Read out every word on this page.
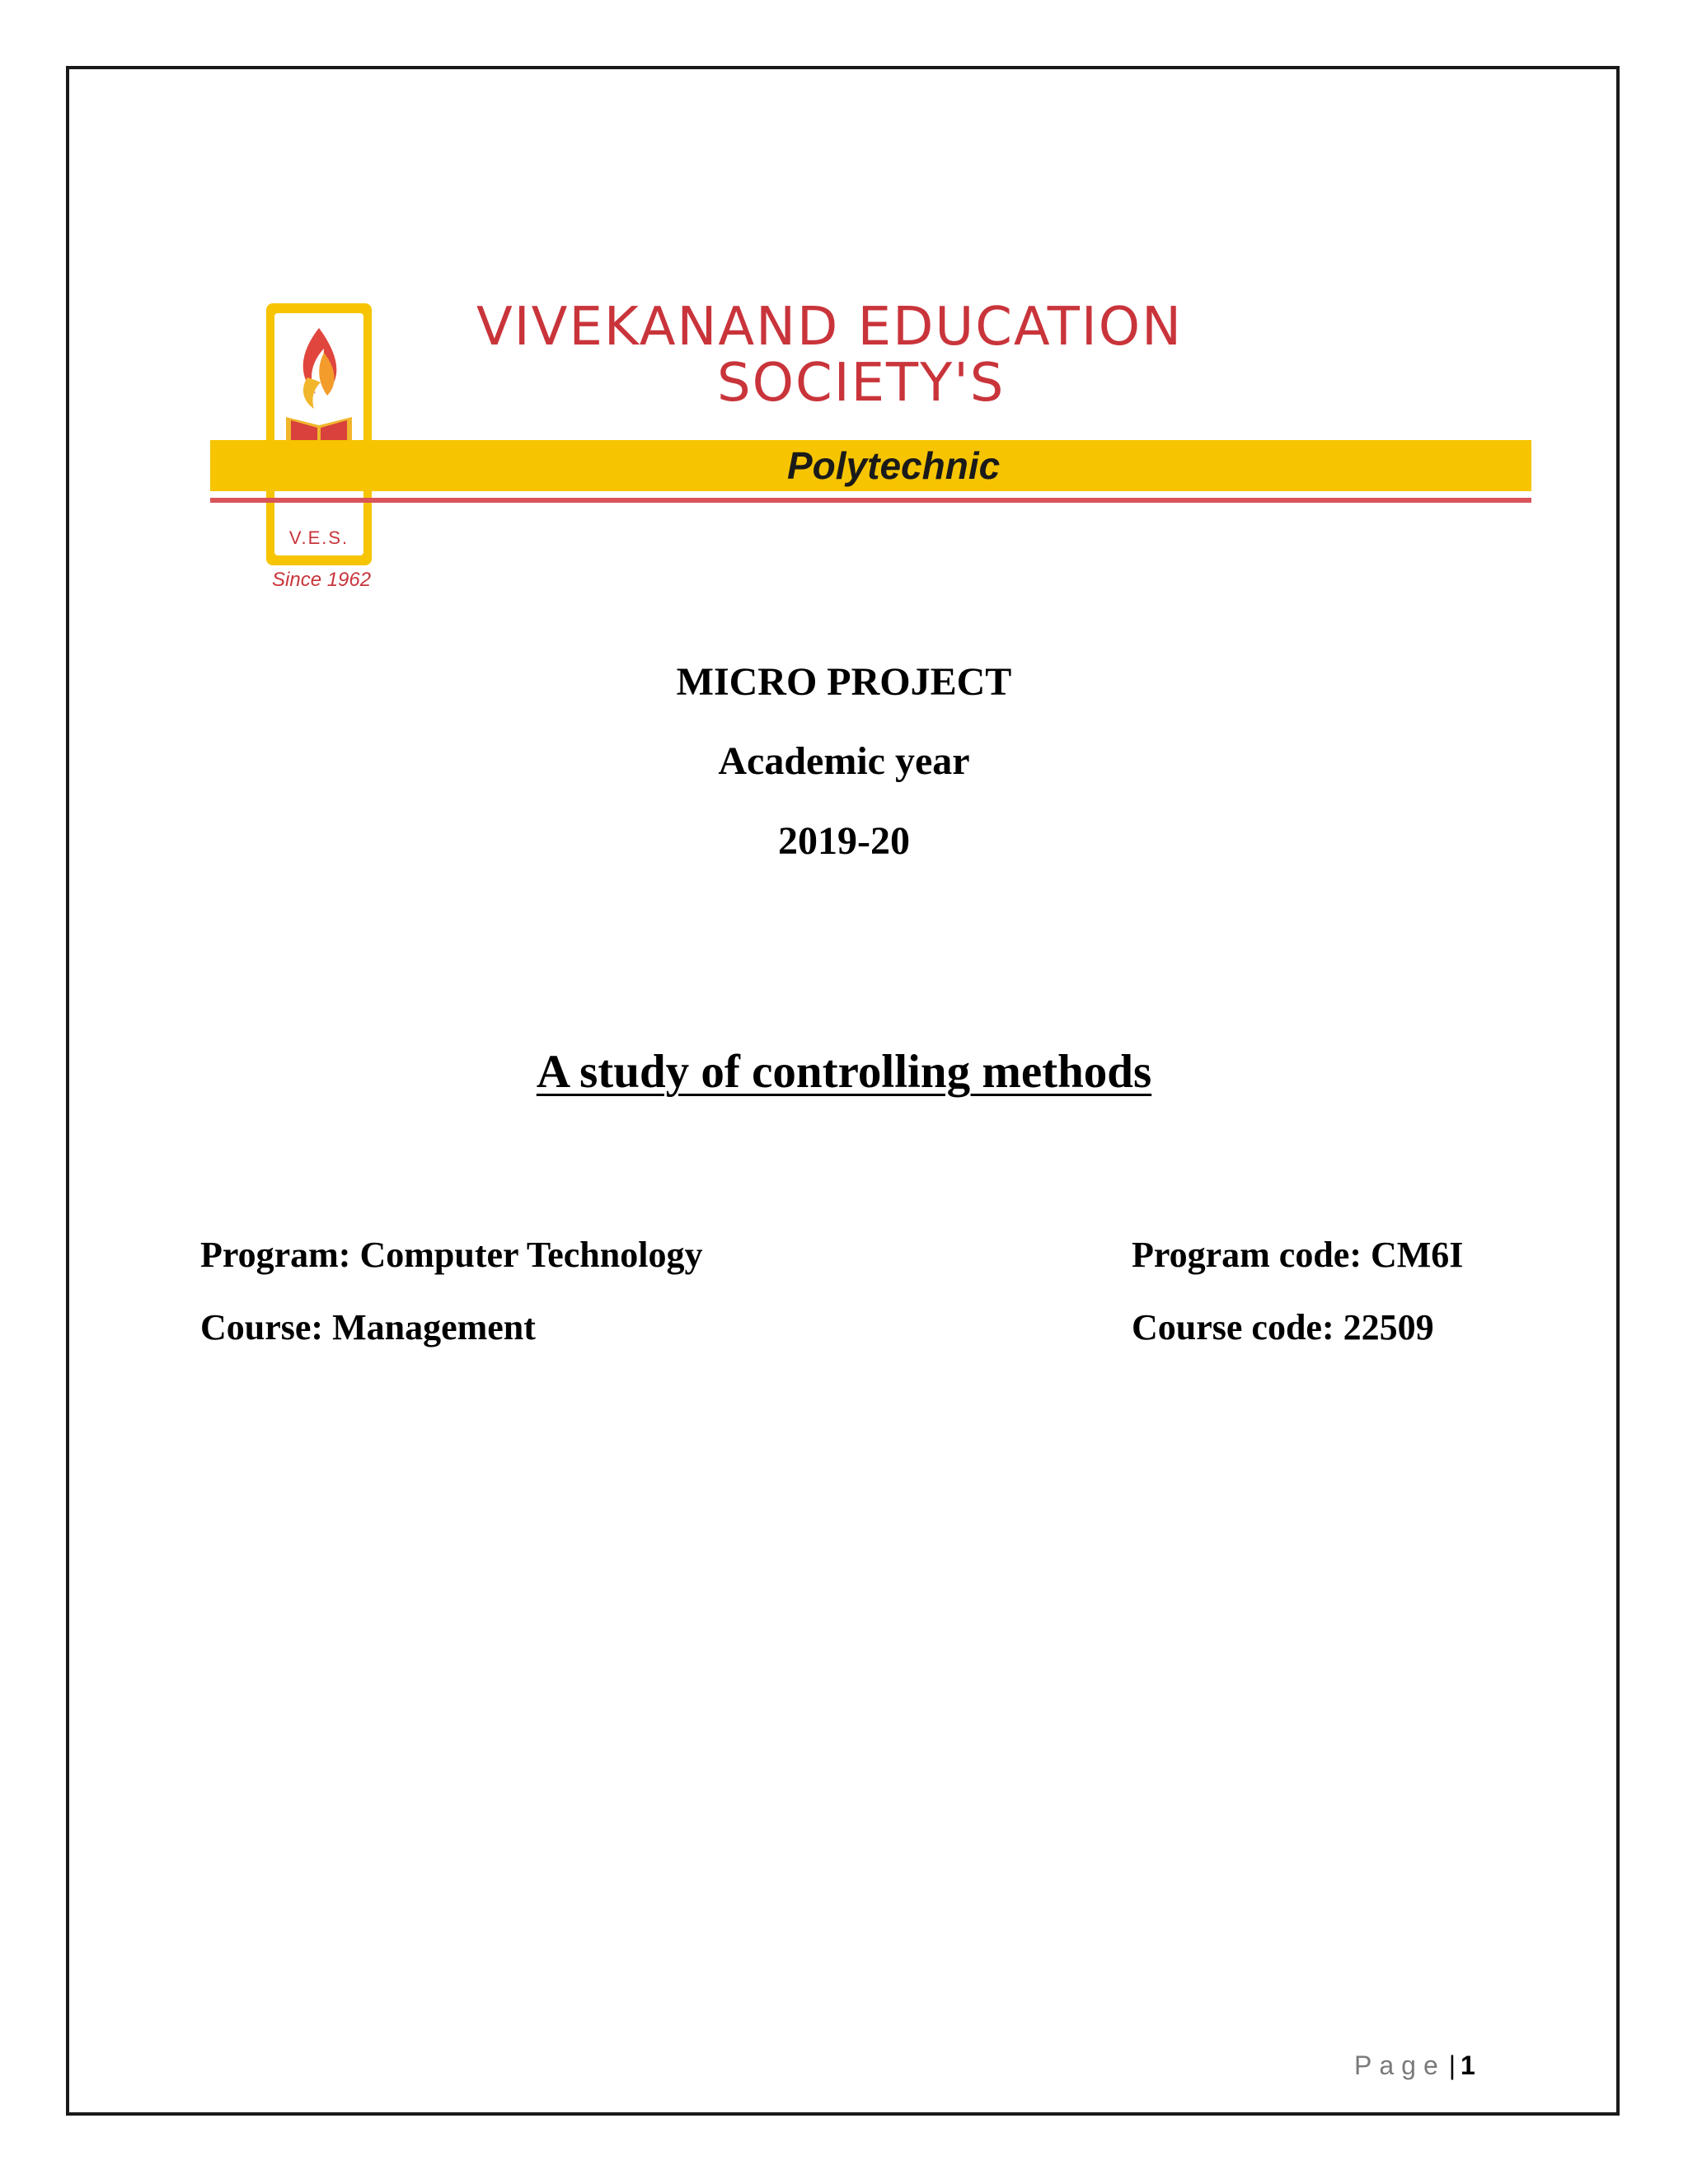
V.E.S.
Since 1962
VIVEKANAND EDUCATION
SOCIETY'S
Polytechnic
MICRO PROJECT
Academic year
2019-20
A study of controlling methods
Program: Computer Technology	Program code: CM6I
Course: Management	Course code: 22509
Page | 1
